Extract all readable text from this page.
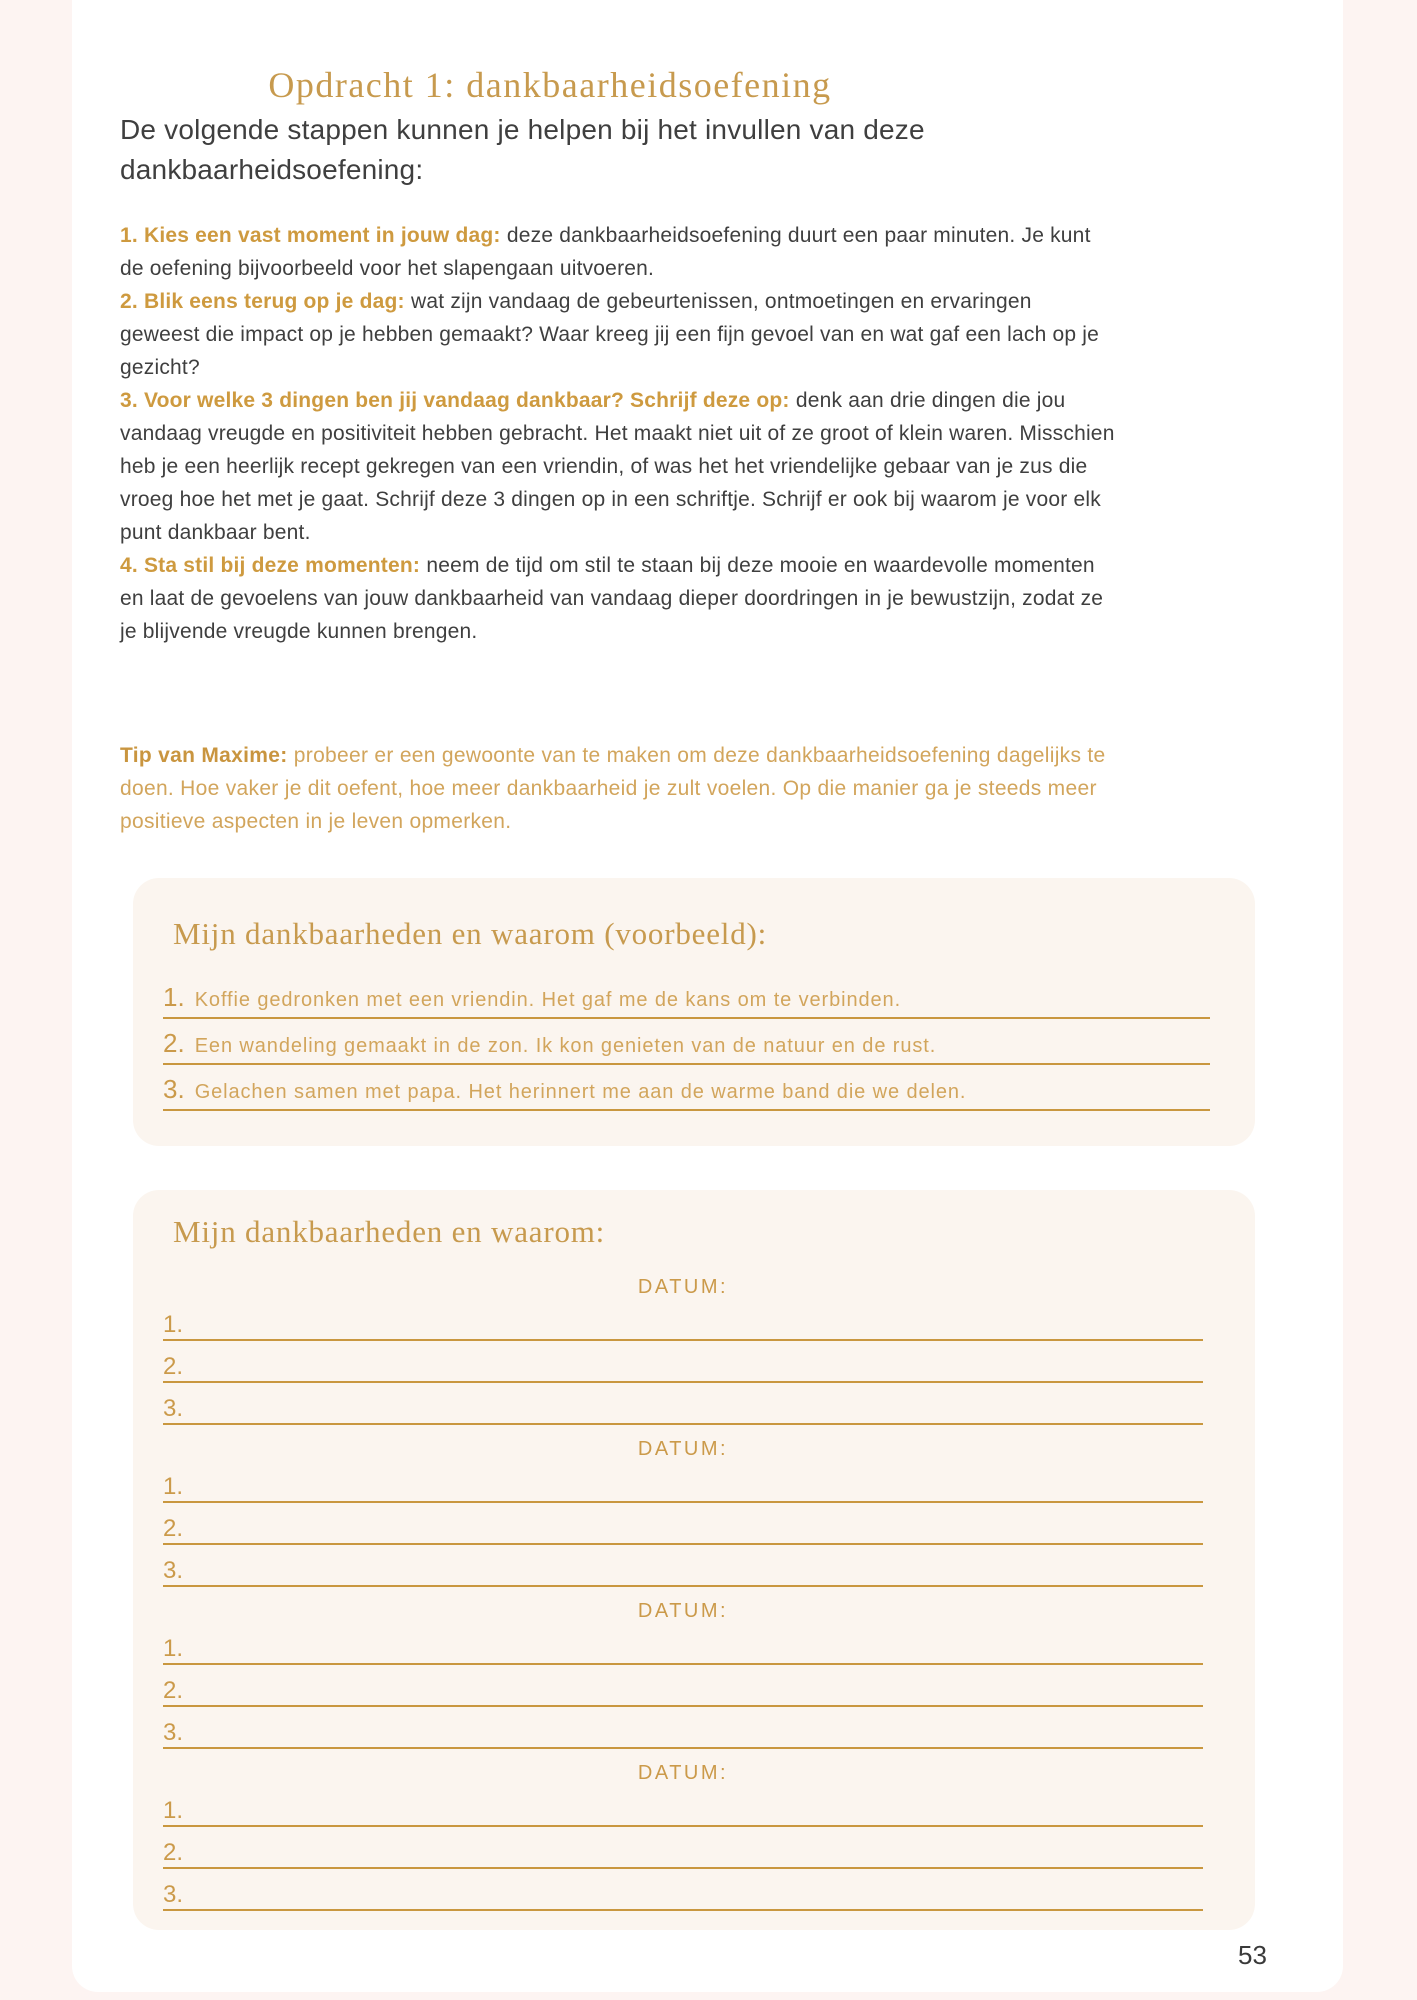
Opdracht 1: dankbaarheidsoefening

De volgende stappen kunnen je helpen bij het invullen van deze dankbaarheidsoefening:

1. Kies een vast moment in jouw dag: deze dankbaarheidsoefening duurt een paar minuten. Je kunt de oefening bijvoorbeeld voor het slapengaan uitvoeren.

2. Blik eens terug op je dag: wat zijn vandaag de gebeurtenissen, ontmoetingen en ervaringen geweest die impact op je hebben gemaakt? Waar kreeg jij een fijn gevoel van en wat gaf een lach op je gezicht?

3. Voor welke 3 dingen ben jij vandaag dankbaar? Schrijf deze op: denk aan drie dingen die jou vandaag vreugde en positiviteit hebben gebracht. Het maakt niet uit of ze groot of klein waren. Misschien heb je een heerlijk recept gekregen van een vriendin, of was het het vriendelijke gebaar van je zus die vroeg hoe het met je gaat. Schrijf deze 3 dingen op in een schriftje. Schrijf er ook bij waarom je voor elk punt dankbaar bent.

4. Sta stil bij deze momenten: neem de tijd om stil te staan bij deze mooie en waardevolle momenten en laat de gevoelens van jouw dankbaarheid van vandaag dieper doordringen in je bewustzijn, zodat ze je blijvende vreugde kunnen brengen.

Tip van Maxime: probeer er een gewoonte van te maken om deze dankbaarheidsoefening dagelijks te doen. Hoe vaker je dit oefent, hoe meer dankbaarheid je zult voelen. Op die manier ga je steeds meer positieve aspecten in je leven opmerken.

Mijn dankbaarheden en waarom (voorbeeld):
1. Koffie gedronken met een vriendin. Het gaf me de kans om te verbinden.
2. Een wandeling gemaakt in de zon. Ik kon genieten van de natuur en de rust.
3. Gelachen samen met papa. Het herinnert me aan de warme band die we delen.
Mijn dankbaarheden en waarom:
DATUM:
1.
2.
3.
DATUM:
1.
2.
3.
DATUM:
1.
2.
3.
DATUM:
1.
2.
3.
53
